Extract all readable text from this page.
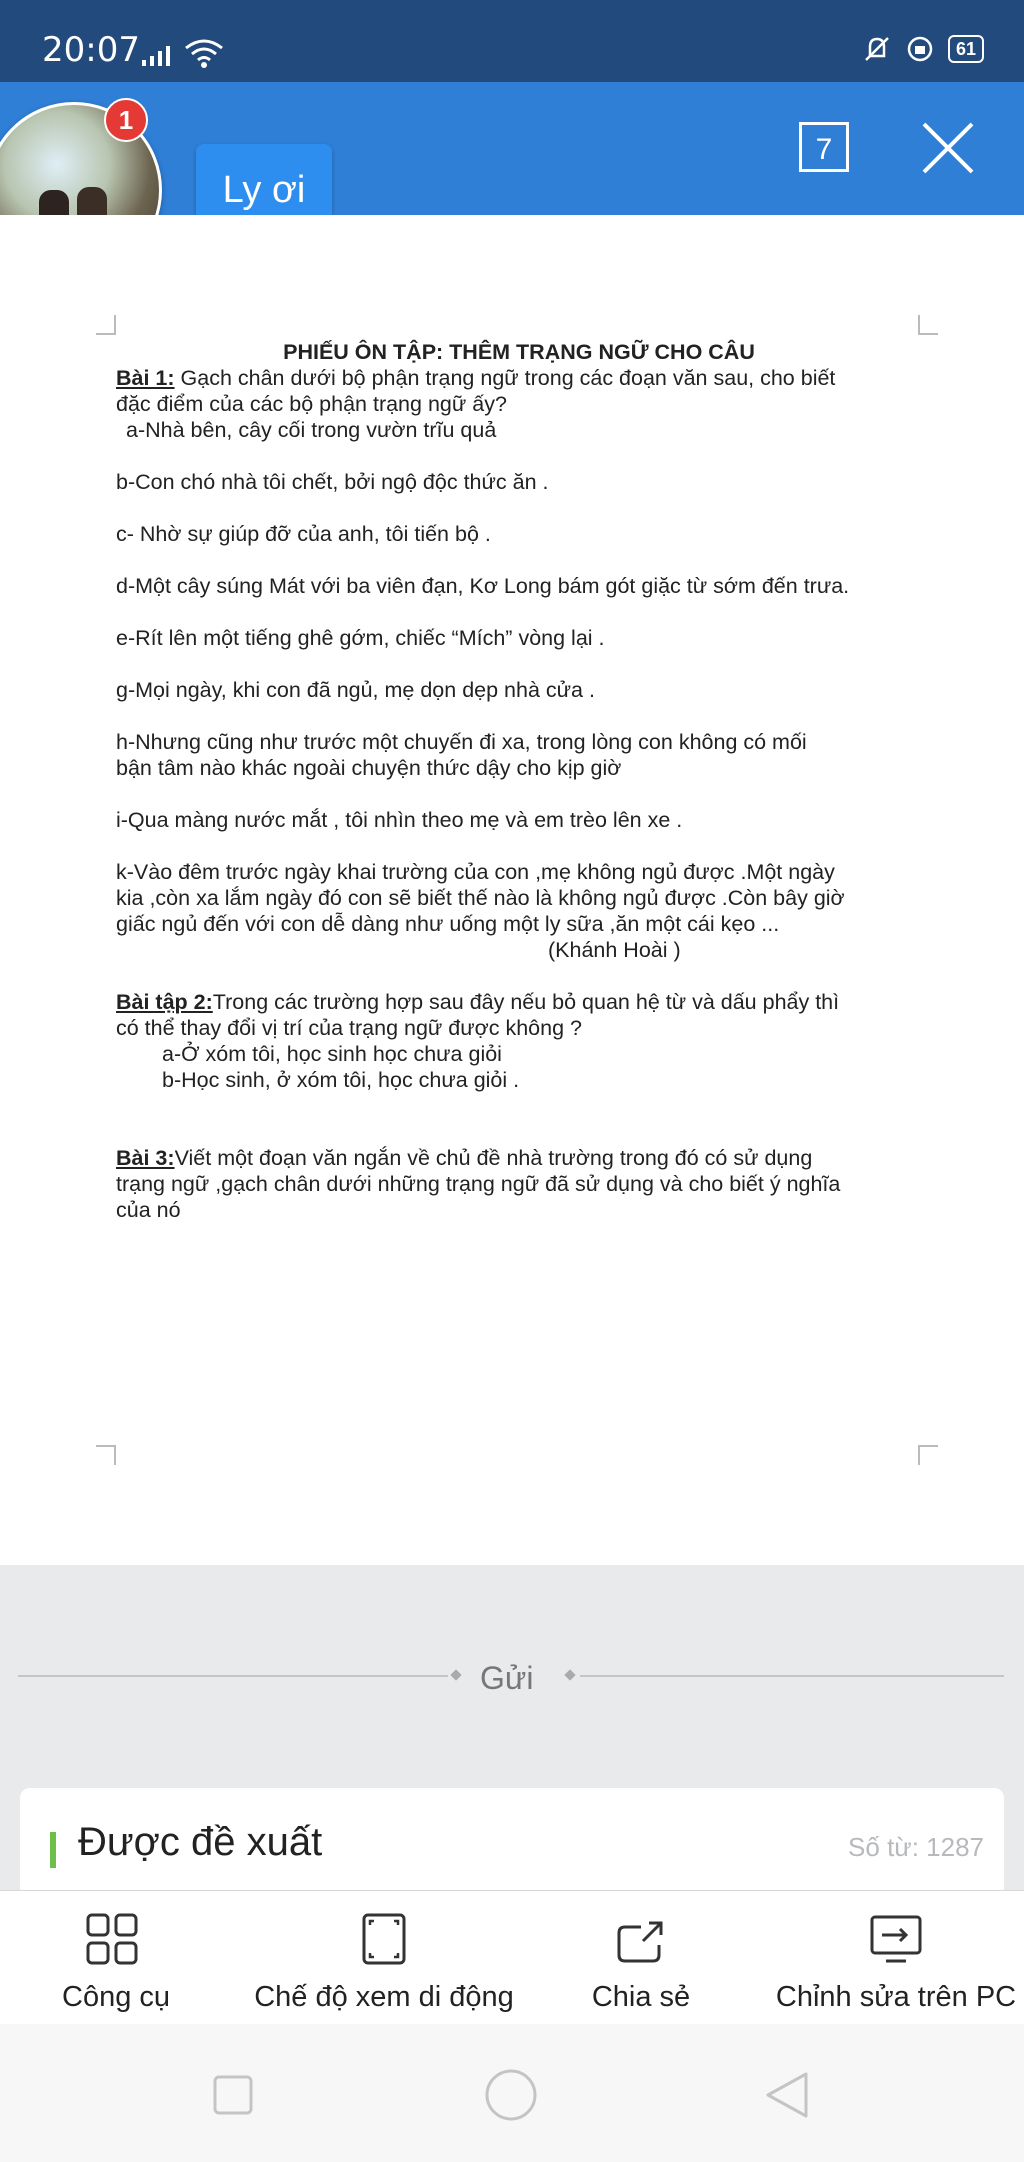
20:07	61
1
Ly ơi
7

PHIẾU ÔN TẬP: THÊM TRẠNG NGỮ CHO CÂU

Bài 1: Gạch chân dưới bộ phận trạng ngữ trong các đoạn văn sau, cho biết

đặc điểm của các bộ phận trạng ngữ ấy?

a-Nhà bên, cây cối trong vườn trĩu quả

b-Con chó nhà tôi chết, bởi ngộ độc thức ăn .

c- Nhờ sự giúp đỡ của anh, tôi tiến bộ .

d-Một cây súng Mát với ba viên đạn, Kơ Long bám gót giặc từ sớm đến trưa.

e-Rít lên một tiếng ghê gớm, chiếc “Mích” vòng lại .

g-Mọi ngày, khi con đã ngủ, mẹ dọn dẹp nhà cửa .

h-Nhưng cũng như trước một chuyến đi xa, trong lòng con không có mối

bận tâm nào khác ngoài chuyện thức dậy cho kịp giờ

i-Qua màng nước mắt , tôi nhìn theo mẹ và em trèo lên xe .

k-Vào đêm trước ngày khai trường của con ,mẹ không ngủ được .Một ngày

kia ,còn xa lắm ngày đó con sẽ biết thế nào là không ngủ được .Còn bây giờ

giấc ngủ đến với con dễ dàng như uống một ly sữa ,ăn một cái kẹo ...

(Khánh Hoài )

Bài tập 2:Trong các trường hợp sau đây nếu bỏ quan hệ từ và dấu phẩy thì

có thể thay đổi vị trí của trạng ngữ được không ?

a-Ở xóm tôi, học sinh học chưa giỏi

b-Học sinh, ở xóm tôi, học chưa giỏi .

Bài 3:Viết một đoạn văn ngắn về chủ đề nhà trường trong đó có sử dụng

trạng ngữ ,gạch chân dưới những trạng ngữ đã sử dụng và cho biết ý nghĩa

của nó

Gửi
Được đề xuất	Số từ: 1287
Công cụ	Chế độ xem di động	Chia sẻ	Chỉnh sửa trên PC
